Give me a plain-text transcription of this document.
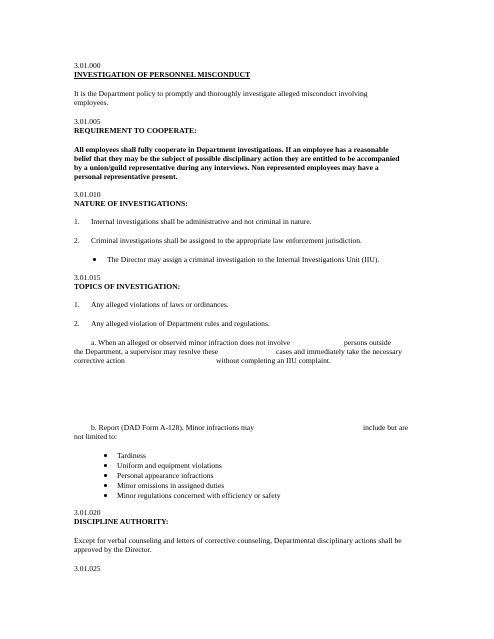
3.01.000
INVESTIGATION OF PERSONNEL MISCONDUCT
It is the Department policy to promptly and thoroughly investigate alleged misconduct involving
employees.
3.01.005
REQUIREMENT TO COOPERATE:
All employees shall fully cooperate in Department investigations. If an employee has a reasonable
belief that they may be the subject of possible disciplinary action they are entitled to be accompanied
by a union/guild representative during any interviews. Non represented employees may have a
personal representative present.
3.01.010
NATURE OF INVESTIGATIONS:
1. Internal investigations shall be administrative and not criminal in nature.
2. Criminal investigations shall be assigned to the appropriate law enforcement jurisdiction.
The Director may assign a criminal investigation to the Internal Investigations Unit (IIU).
3.01.015
TOPICS OF INVESTIGATION:
1. Any alleged violations of laws or ordinances.
2. Any alleged violation of Department rules and regulations.
a. When an alleged or observed minor infraction does not involve	persons outside
the Department, a supervisor may resolve these	cases and immediately take the necessary
corrective action	without completing an IIU complaint.
b. Report (DAD Form A-128). Minor infractions may	include but are
not limited to:
Tardiness
Uniform and equipment violations
Personal appearance infractions
Minor omissions in assigned duties
Minor regulations concerned with efficiency or safety
3.01.020
DISCIPLINE AUTHORITY:
Except for verbal counseling and letters of corrective counseling, Departmental disciplinary actions shall be
approved by the Director.
3.01.025
